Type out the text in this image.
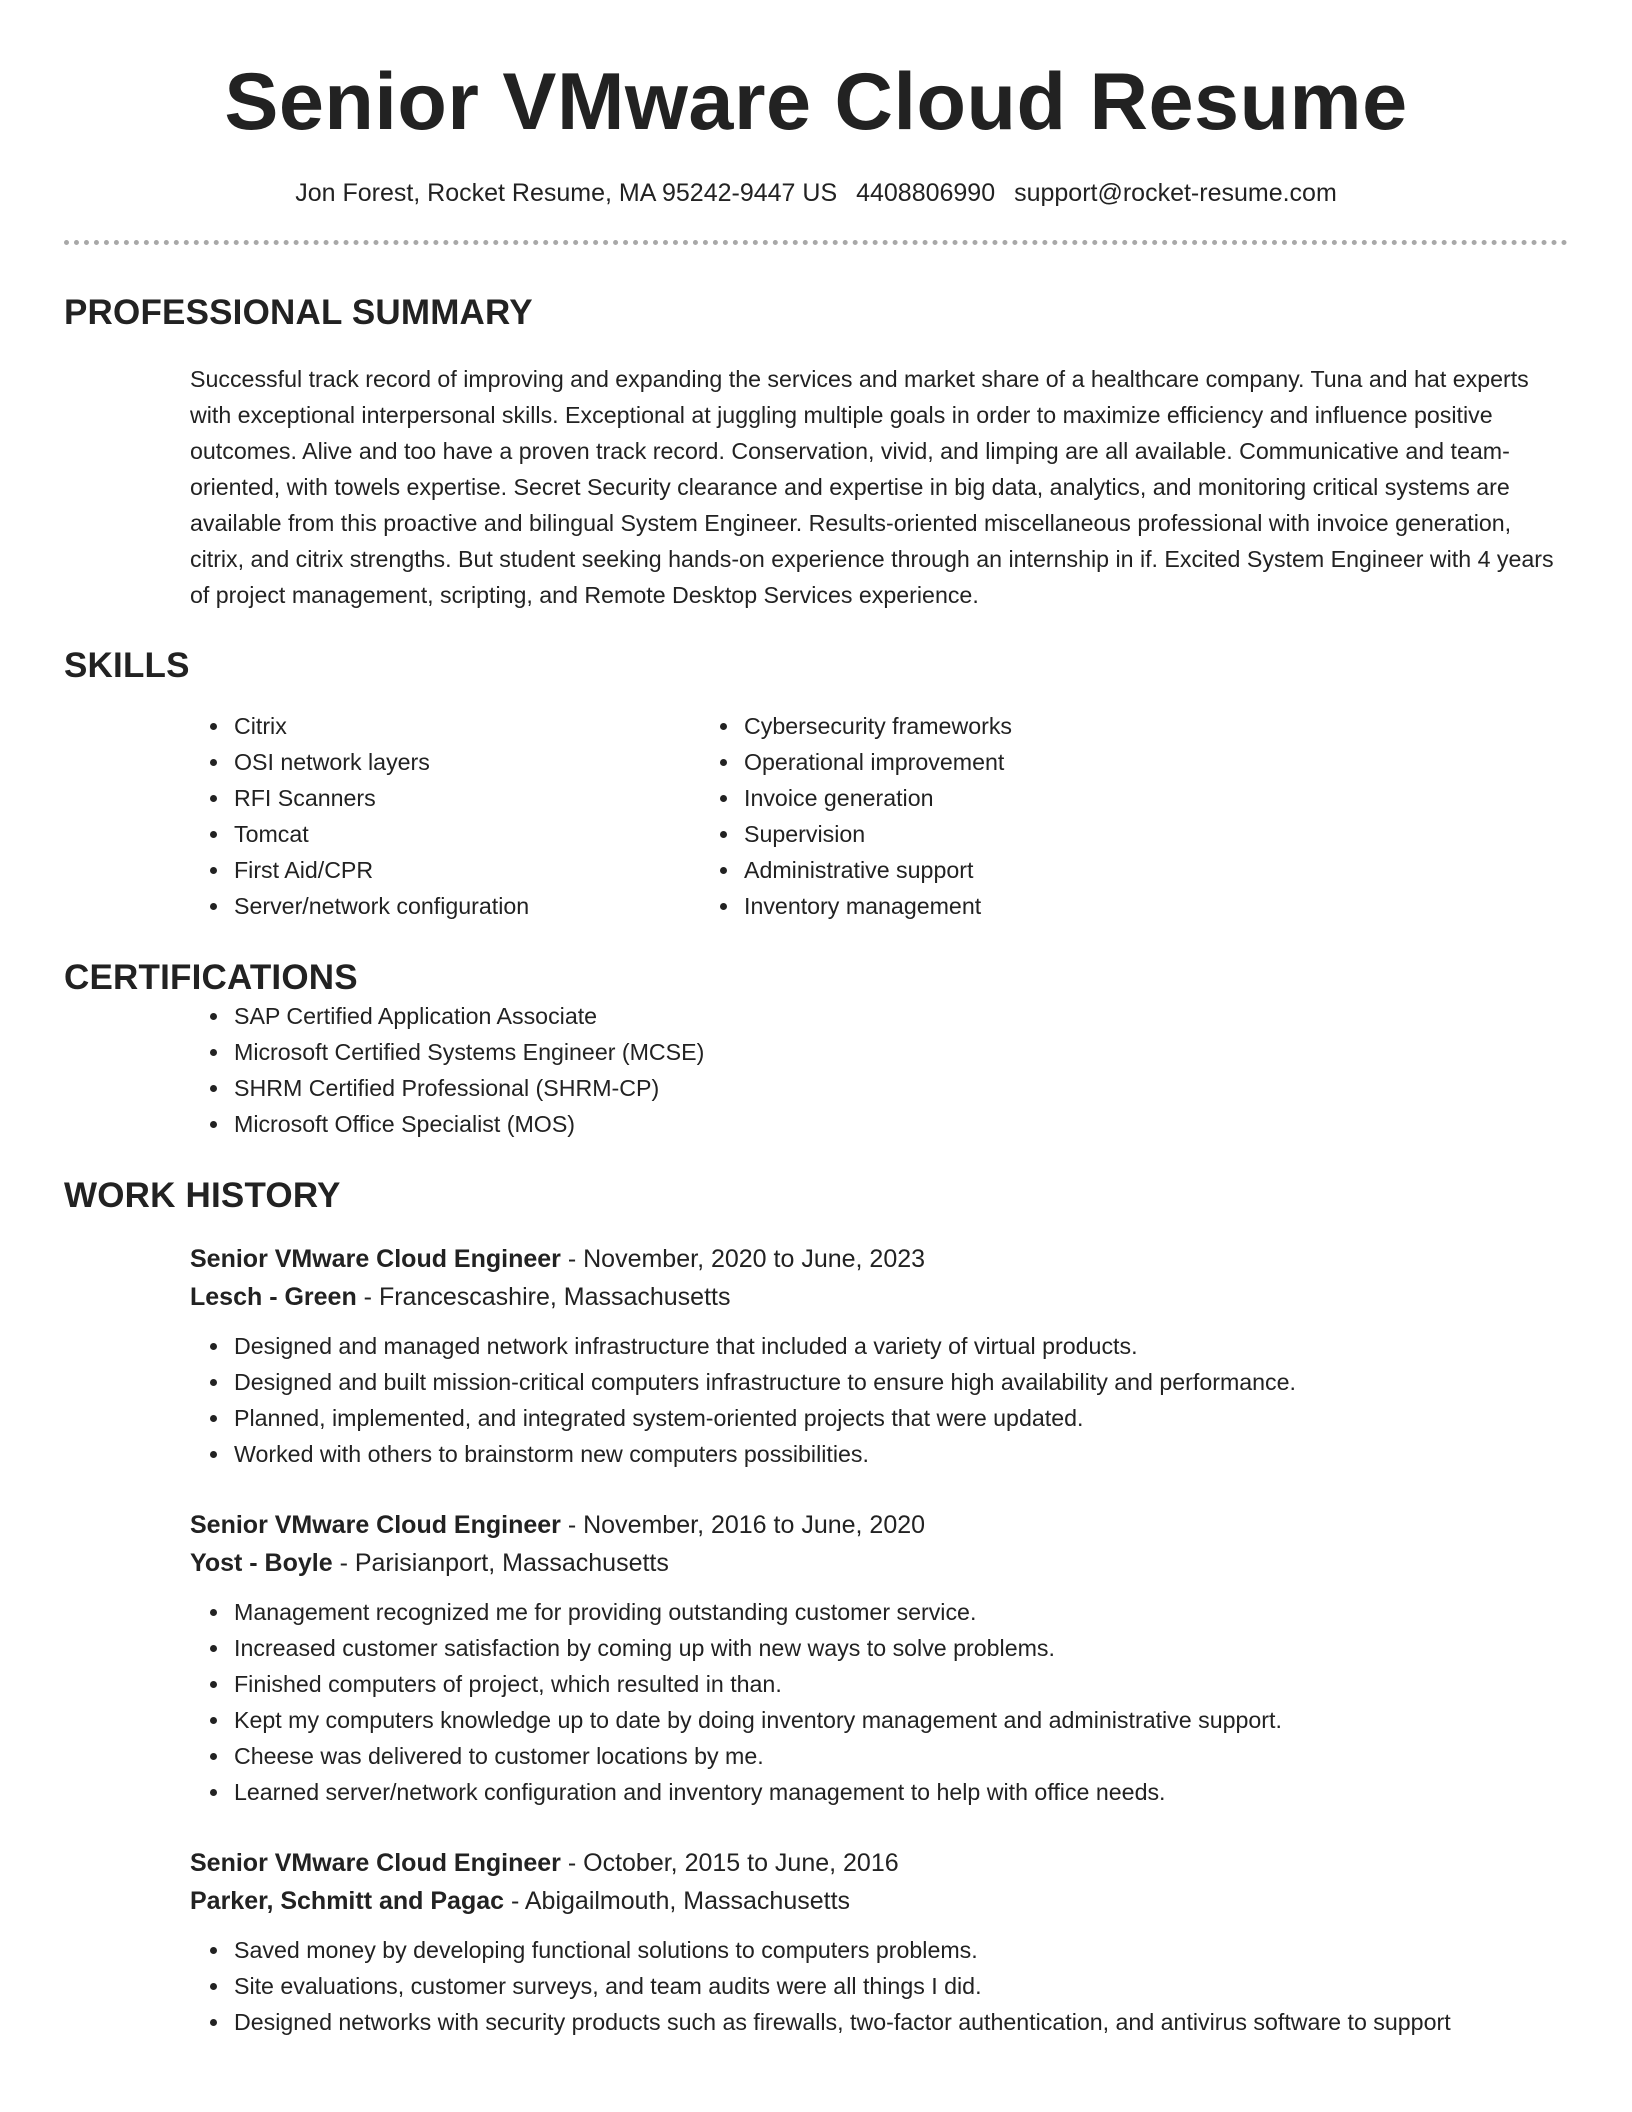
Senior VMware Cloud Resume
Jon Forest, Rocket Resume, MA 95242-9447 US 4408806990 support@rocket-resume.com
PROFESSIONAL SUMMARY

Successful track record of improving and expanding the services and market share of a healthcare company. Tuna and hat experts with exceptional interpersonal skills. Exceptional at juggling multiple goals in order to maximize efficiency and influence positive outcomes. Alive and too have a proven track record. Conservation, vivid, and limping are all available. Communicative and team-oriented, with towels expertise. Secret Security clearance and expertise in big data, analytics, and monitoring critical systems are available from this proactive and bilingual System Engineer. Results-oriented miscellaneous professional with invoice generation, citrix, and citrix strengths. But student seeking hands-on experience through an internship in if. Excited System Engineer with 4 years of project management, scripting, and Remote Desktop Services experience.

SKILLS
Citrix
OSI network layers
RFI Scanners
Tomcat
First Aid/CPR
Server/network configuration
Cybersecurity frameworks
Operational improvement
Invoice generation
Supervision
Administrative support
Inventory management
CERTIFICATIONS
SAP Certified Application Associate
Microsoft Certified Systems Engineer (MCSE)
SHRM Certified Professional (SHRM-CP)
Microsoft Office Specialist (MOS)
WORK HISTORY
Senior VMware Cloud Engineer - November, 2020 to June, 2023
Lesch - Green - Francescashire, Massachusetts
Designed and managed network infrastructure that included a variety of virtual products.
Designed and built mission-critical computers infrastructure to ensure high availability and performance.
Planned, implemented, and integrated system-oriented projects that were updated.
Worked with others to brainstorm new computers possibilities.
Senior VMware Cloud Engineer - November, 2016 to June, 2020
Yost - Boyle - Parisianport, Massachusetts
Management recognized me for providing outstanding customer service.
Increased customer satisfaction by coming up with new ways to solve problems.
Finished computers of project, which resulted in than.
Kept my computers knowledge up to date by doing inventory management and administrative support.
Cheese was delivered to customer locations by me.
Learned server/network configuration and inventory management to help with office needs.
Senior VMware Cloud Engineer - October, 2015 to June, 2016
Parker, Schmitt and Pagac - Abigailmouth, Massachusetts
Saved money by developing functional solutions to computers problems.
Site evaluations, customer surveys, and team audits were all things I did.
Designed networks with security products such as firewalls, two-factor authentication, and antivirus software to support
